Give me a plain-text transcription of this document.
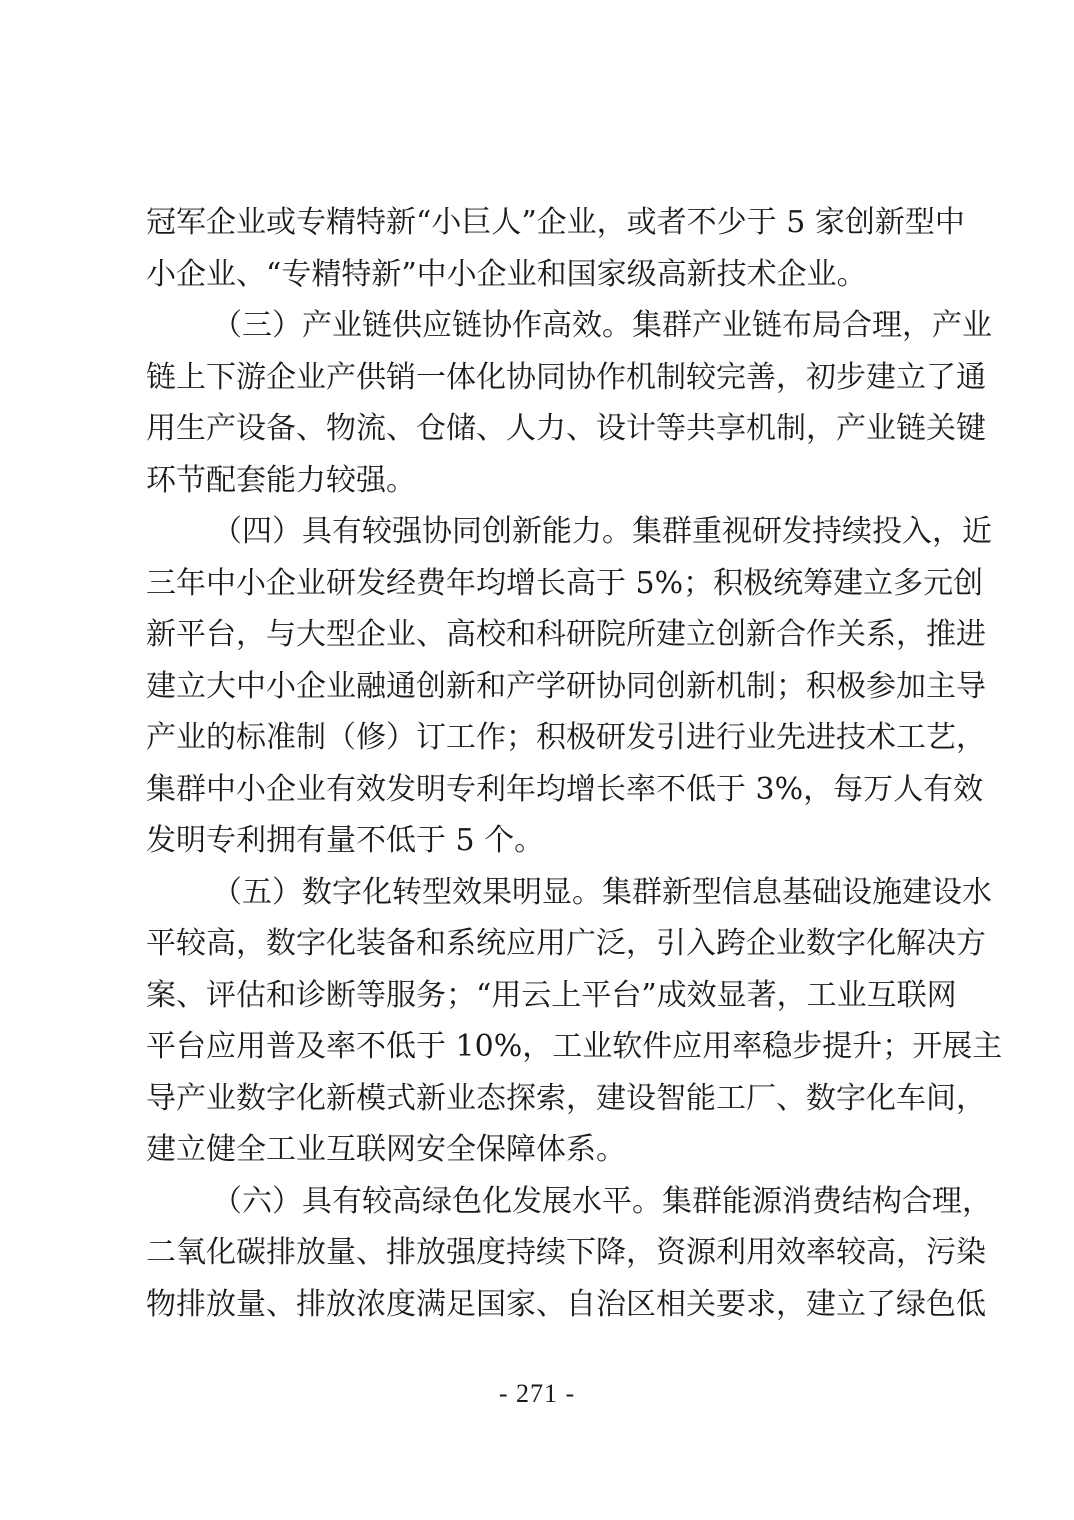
冠军企业或专精特新“小巨人”企业，或者不少于 5 家创新型中
小企业、“专精特新”中小企业和国家级高新技术企业。
（三）产业链供应链协作高效。集群产业链布局合理，产业
链上下游企业产供销一体化协同协作机制较完善，初步建立了通
用生产设备、物流、仓储、人力、设计等共享机制，产业链关键
环节配套能力较强。
（四）具有较强协同创新能力。集群重视研发持续投入，近
三年中小企业研发经费年均增长高于 5%；积极统筹建立多元创
新平台，与大型企业、高校和科研院所建立创新合作关系，推进
建立大中小企业融通创新和产学研协同创新机制；积极参加主导
产业的标准制（修）订工作；积极研发引进行业先进技术工艺，
集群中小企业有效发明专利年均增长率不低于 3%，每万人有效
发明专利拥有量不低于 5 个。
（五）数字化转型效果明显。集群新型信息基础设施建设水
平较高，数字化装备和系统应用广泛，引入跨企业数字化解决方
案、评估和诊断等服务；“用云上平台”成效显著，工业互联网
平台应用普及率不低于 10%，工业软件应用率稳步提升；开展主
导产业数字化新模式新业态探索，建设智能工厂、数字化车间，
建立健全工业互联网安全保障体系。
（六）具有较高绿色化发展水平。集群能源消费结构合理，
二氧化碳排放量、排放强度持续下降，资源利用效率较高，污染
物排放量、排放浓度满足国家、自治区相关要求，建立了绿色低
- 271 -
